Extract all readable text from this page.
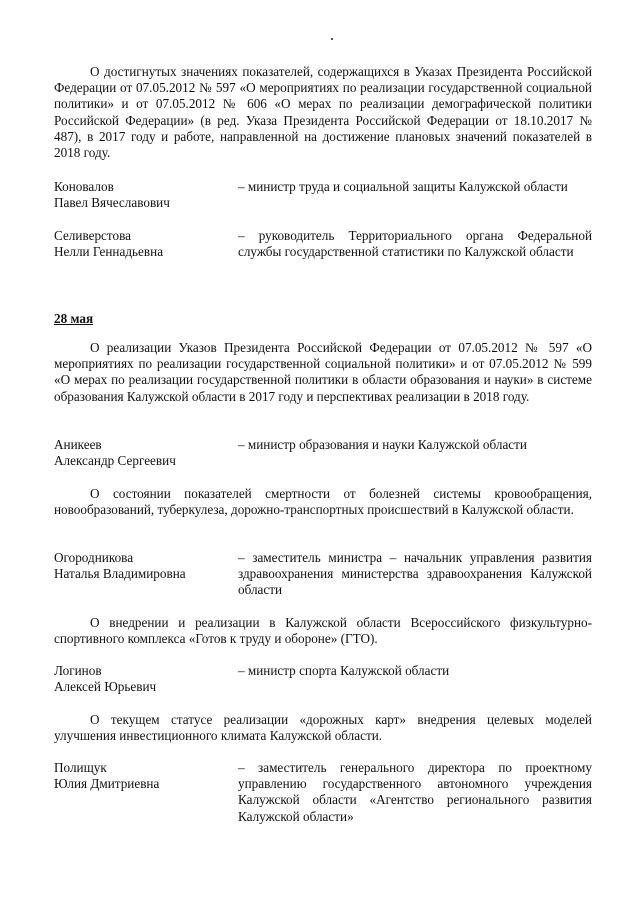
О достигнутых значениях показателей, содержащихся в Указах Президента Российской Федерации от 07.05.2012 № 597 «О мероприятиях по реализации государственной социальной политики» и от 07.05.2012 № 606 «О мерах по реализации демографической политики Российской Федерации» (в ред. Указа Президента Российской Федерации от 18.10.2017 № 487), в 2017 году и работе, направленной на достижение плановых значений показателей в 2018 году.

Коновалов
Павел Вячеславович

– министр труда и социальной защиты Калужской области

Селиверстова
Нелли Геннадьевна

– руководитель Территориального органа Федеральной службы государственной статистики по Калужской области

28 мая

О реализации Указов Президента Российской Федерации от 07.05.2012 № 597 «О мероприятиях по реализации государственной социальной политики» и от 07.05.2012 № 599 «О мерах по реализации государственной политики в области образования и науки» в системе образования Калужской области в 2017 году и перспективах реализации в 2018 году.

Аникеев
Александр Сергеевич

– министр образования и науки Калужской области

О состоянии показателей смертности от болезней системы кровообращения, новообразований, туберкулеза, дорожно-транспортных происшествий в Калужской области.

Огородникова
Наталья Владимировна

– заместитель министра – начальник управления развития здравоохранения министерства здравоохранения Калужской области

О внедрении и реализации в Калужской области Всероссийского физкультурно-спортивного комплекса «Готов к труду и обороне» (ГТО).

Логинов
Алексей Юрьевич

– министр спорта Калужской области

О текущем статусе реализации «дорожных карт» внедрения целевых моделей улучшения инвестиционного климата Калужской области.

Полищук
Юлия Дмитриевна

– заместитель генерального директора по проектному управлению государственного автономного учреждения Калужской области «Агентство регионального развития Калужской области»
